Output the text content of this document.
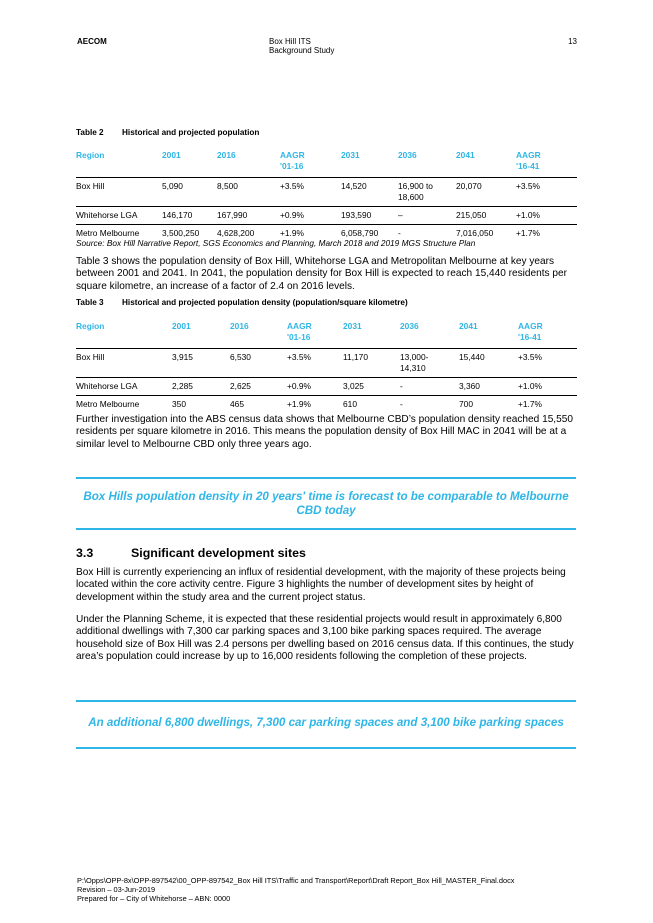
AECOM	Box Hill ITS
Background Study
13
Table 2 Historical and projected population
Region	2001	2016	AAGR
'01-16	2031	2036	2041	AAGR
'16-41
Box Hill	5,090	8,500	+3.5%	14,520	16,900 to
18,600	20,070	+3.5%
Whitehorse LGA	146,170	167,990	+0.9%	193,590	–	215,050	+1.0%
Metro Melbourne	3,500,250	4,628,200	+1.9%	6,058,790	-	7,016,050	+1.7%
Source: Box Hill Narrative Report, SGS Economics and Planning, March 2018 and 2019 MGS Structure Plan
Table 3 shows the population density of Box Hill, Whitehorse LGA and Metropolitan Melbourne at key years between 2001 and 2041. In 2041, the population density for Box Hill is expected to reach 15,440 residents per square kilometre, an increase of a factor of 2.4 on 2016 levels.
Table 3 Historical and projected population density (population/square kilometre)
Region	2001	2016	AAGR
'01-16	2031	2036	2041	AAGR
'16-41
Box Hill	3,915	6,530	+3.5%	11,170	13,000-
14,310	15,440	+3.5%
Whitehorse LGA	2,285	2,625	+0.9%	3,025	-	3,360	+1.0%
Metro Melbourne	350	465	+1.9%	610	-	700	+1.7%
Further investigation into the ABS census data shows that Melbourne CBD’s population density reached 15,550 residents per square kilometre in 2016. This means the population density of Box Hill MAC in 2041 will be at a similar level to Melbourne CBD only three years ago.
Box Hills population density in 20 years' time is forecast to be comparable to Melbourne CBD today
3.3	Significant development sites
Box Hill is currently experiencing an influx of residential development, with the majority of these projects being located within the core activity centre. Figure 3 highlights the number of development sites by height of development within the study area and the current project status.
Under the Planning Scheme, it is expected that these residential projects would result in approximately 6,800 additional dwellings with 7,300 car parking spaces and 3,100 bike parking spaces required. The average household size of Box Hill was 2.4 persons per dwelling based on 2016 census data. If this continues, the study area’s population could increase by up to 16,000 residents following the completion of these projects.
An additional 6,800 dwellings, 7,300 car parking spaces and 3,100 bike parking spaces
P:\Opps\OPP-8x\OPP-897542\00_OPP-897542_Box Hill ITS\Traffic and Transport\Report\Draft Report_Box Hill_MASTER_Final.docx
Revision – 03-Jun-2019
Prepared for – City of Whitehorse – ABN: 0000
